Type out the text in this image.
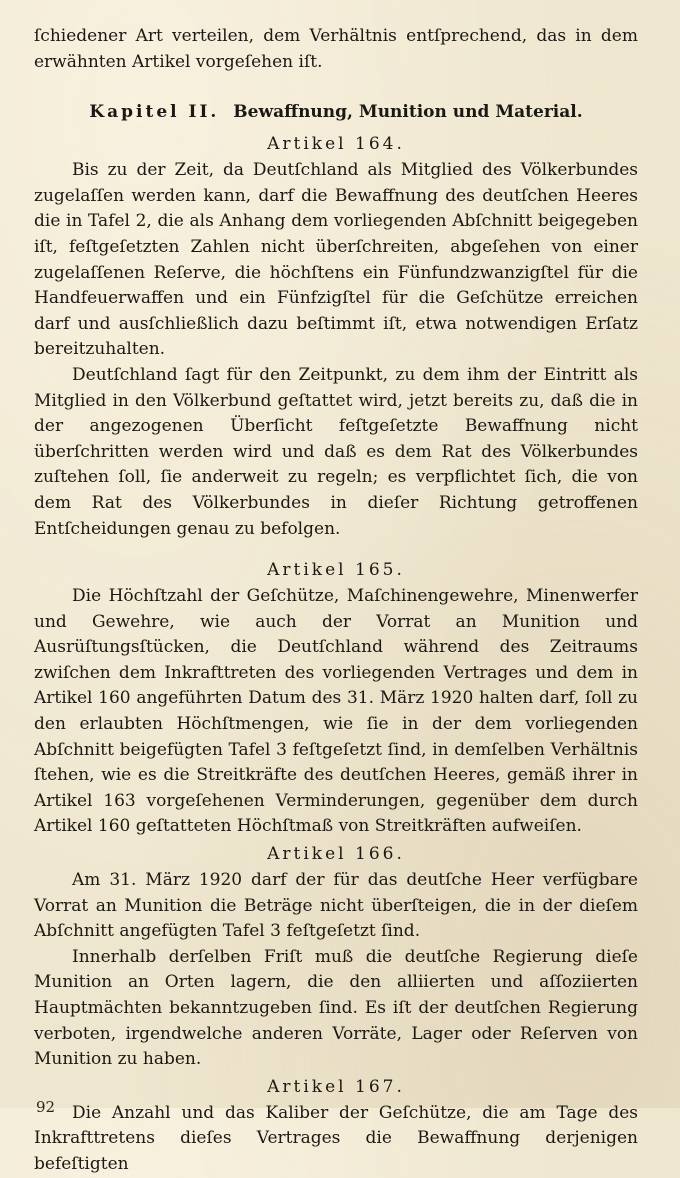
ſchiedener Art verteilen, dem Verhältnis entſprechend, das in dem erwähnten Artikel vorgeſehen iſt.

Kapitel II. Bewaffnung, Munition und Material.
Artikel 164.

Bis zu der Zeit, da Deutſchland als Mitglied des Völkerbundes zugelaſſen werden kann, darf die Bewaffnung des deutſchen Heeres die in Tafel 2, die als Anhang dem vorliegenden Abſchnitt beigegeben iſt, feſtgeſetzten Zahlen nicht überſchreiten, abgeſehen von einer zugelaſſenen Reſerve, die höchſtens ein Fünfundzwanzigſtel für die Handfeuerwaffen und ein Fünfzigſtel für die Geſchütze erreichen darf und ausſchließlich dazu beſtimmt iſt, etwa notwendigen Erſatz bereitzuhalten.

Deutſchland ſagt für den Zeitpunkt, zu dem ihm der Eintritt als Mitglied in den Völkerbund geſtattet wird, jetzt bereits zu, daß die in der angezogenen Überſicht feſtgeſetzte Bewaffnung nicht überſchritten werden wird und daß es dem Rat des Völkerbundes zuſtehen ſoll, ſie anderweit zu regeln; es verpflichtet ſich, die von dem Rat des Völkerbundes in dieſer Richtung getroffenen Entſcheidungen genau zu befolgen.

Artikel 165.

Die Höchſtzahl der Geſchütze, Maſchinengewehre, Minenwerfer und Gewehre, wie auch der Vorrat an Munition und Ausrüſtungsſtücken, die Deutſchland während des Zeitraums zwiſchen dem Inkrafttreten des vorliegenden Vertrages und dem in Artikel 160 angeführten Datum des 31. März 1920 halten darf, ſoll zu den erlaubten Höchſtmengen, wie ſie in der dem vorliegenden Abſchnitt beigefügten Tafel 3 feſtgeſetzt ſind, in demſelben Verhältnis ſtehen, wie es die Streitkräfte des deutſchen Heeres, gemäß ihrer in Artikel 163 vorgeſehenen Verminderungen, gegenüber dem durch Artikel 160 geſtatteten Höchſtmaß von Streitkräften aufweiſen.

Artikel 166.

Am 31. März 1920 darf der für das deutſche Heer verfügbare Vorrat an Munition die Beträge nicht überſteigen, die in der dieſem Abſchnitt angefügten Tafel 3 feſtgeſetzt ſind.

Innerhalb derſelben Friſt muß die deutſche Regierung dieſe Munition an Orten lagern, die den alliierten und aſſoziierten Hauptmächten bekanntzugeben ſind. Es iſt der deutſchen Regierung verboten, irgendwelche anderen Vorräte, Lager oder Reſerven von Munition zu haben.

Artikel 167.

Die Anzahl und das Kaliber der Geſchütze, die am Tage des Inkrafttretens dieſes Vertrages die Bewaffnung derjenigen befeſtigten

92
